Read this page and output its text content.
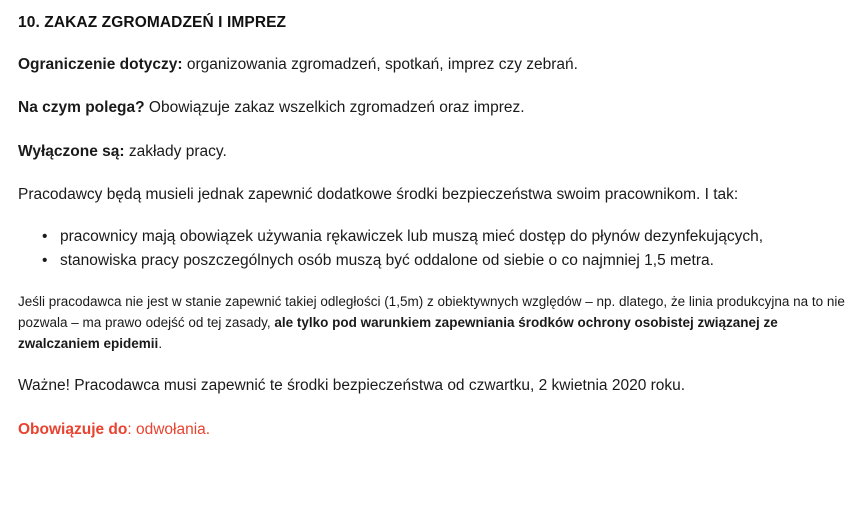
10. ZAKAZ ZGROMADZEŃ I IMPREZ

Ograniczenie dotyczy: organizowania zgromadzeń, spotkań, imprez czy zebrań.

Na czym polega? Obowiązuje zakaz wszelkich zgromadzeń oraz imprez.

Wyłączone są: zakłady pracy.

Pracodawcy będą musieli jednak zapewnić dodatkowe środki bezpieczeństwa swoim pracownikom. I tak:

• pracownicy mają obowiązek używania rękawiczek lub muszą mieć dostęp do płynów dezynfekujących,
• stanowiska pracy poszczególnych osób muszą być oddalone od siebie o co najmniej 1,5 metra.

Jeśli pracodawca nie jest w stanie zapewnić takiej odległości (1,5m) z obiektywnych względów – np. dlatego, że linia produkcyjna na to nie pozwala – ma prawo odejść od tej zasady, ale tylko pod warunkiem zapewniania środków ochrony osobistej związanej ze zwalczaniem epidemii.

Ważne! Pracodawca musi zapewnić te środki bezpieczeństwa od czwartku, 2 kwietnia 2020 roku.

Obowiązuje do: odwołania.
